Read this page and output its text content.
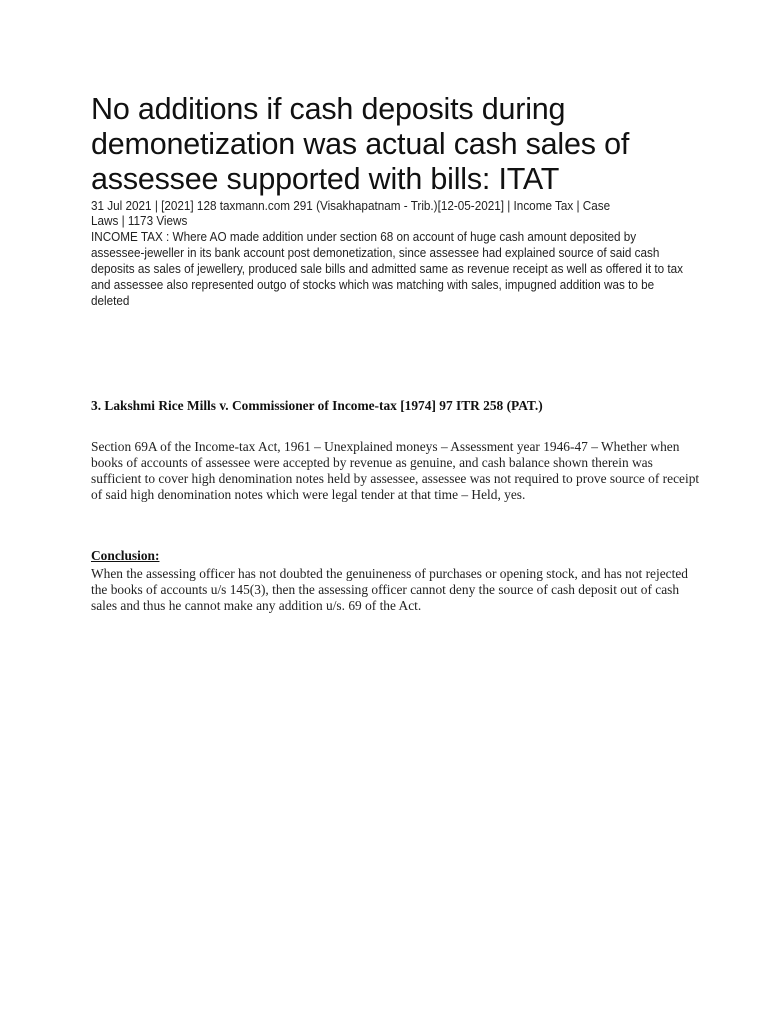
No additions if cash deposits during demonetization was actual cash sales of assessee supported with bills: ITAT
31 Jul 2021 | [2021] 128 taxmann.com 291 (Visakhapatnam - Trib.)[12-05-2021] | Income Tax | Case
Laws | 1173 Views
INCOME TAX : Where AO made addition under section 68 on account of huge cash amount deposited by assessee-jeweller in its bank account post demonetization, since assessee had explained source of said cash deposits as sales of jewellery, produced sale bills and admitted same as revenue receipt as well as offered it to tax and assessee also represented outgo of stocks which was matching with sales, impugned addition was to be deleted

3. Lakshmi Rice Mills v. Commissioner of Income-tax [1974] 97 ITR 258 (PAT.)

Section 69A of the Income-tax Act, 1961 – Unexplained moneys – Assessment year 1946-47 – Whether when books of accounts of assessee were accepted by revenue as genuine, and cash balance shown therein was sufficient to cover high denomination notes held by assessee, assessee was not required to prove source of receipt of said high denomination notes which were legal tender at that time – Held, yes.

Conclusion:

When the assessing officer has not doubted the genuineness of purchases or opening stock, and has not rejected the books of accounts u/s 145(3), then the assessing officer cannot deny the source of cash deposit out of cash sales and thus he cannot make any addition u/s. 69 of the Act.
